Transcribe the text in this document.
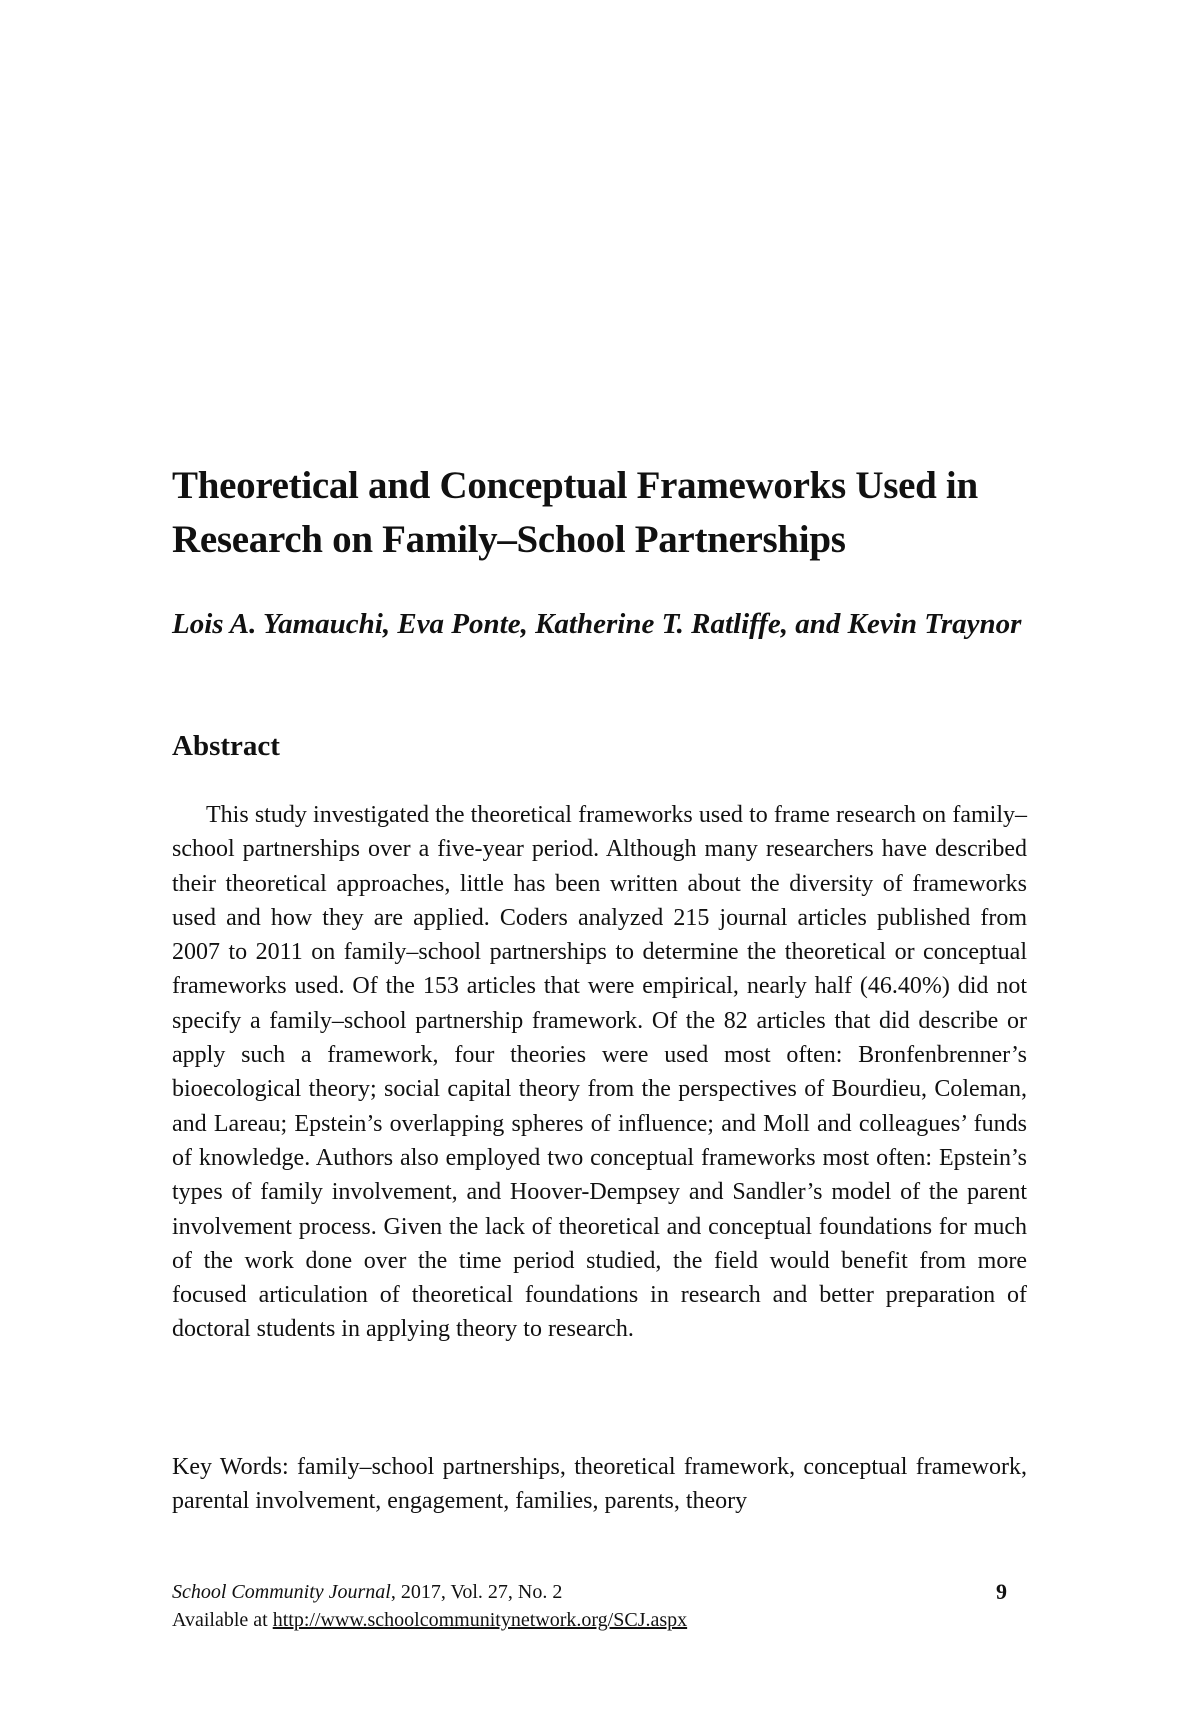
Theoretical and Conceptual Frameworks Used in Research on Family–School Partnerships

Lois A. Yamauchi, Eva Ponte, Katherine T. Ratliffe, and Kevin Traynor

Abstract

This study investigated the theoretical frameworks used to frame research on family–school partnerships over a five-year period. Although many researchers have described their theoretical approaches, little has been written about the diversity of frameworks used and how they are applied. Coders analyzed 215 journal articles published from 2007 to 2011 on family–school partnerships to determine the theoretical or conceptual frameworks used. Of the 153 articles that were empirical, nearly half (46.40%) did not specify a family–school partnership framework. Of the 82 articles that did describe or apply such a framework, four theories were used most often: Bronfenbrenner’s bioecological theory; social capital theory from the perspectives of Bourdieu, Coleman, and Lareau; Epstein’s overlapping spheres of influence; and Moll and colleagues’ funds of knowledge. Authors also employed two conceptual frameworks most often: Epstein’s types of family involvement, and Hoover-Dempsey and Sandler’s model of the parent involvement process. Given the lack of theoretical and conceptual foundations for much of the work done over the time period studied, the field would benefit from more focused articulation of theoretical foundations in research and better preparation of doctoral students in applying theory to research.

Key Words: family–school partnerships, theoretical framework, conceptual framework, parental involvement, engagement, families, parents, theory

School Community Journal, 2017, Vol. 27, No. 2	9
Available at http://www.schoolcommunitynetwork.org/SCJ.aspx
